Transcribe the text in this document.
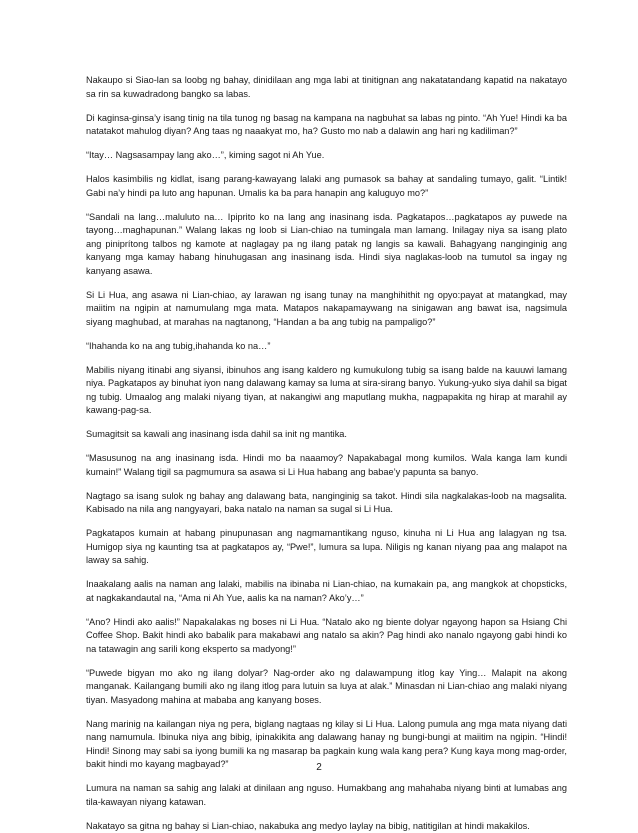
Nakaupo si Siao-lan sa loobg ng bahay, dinidilaan ang mga labi at tinitignan ang nakatatandang kapatid na nakatayo sa rin sa kuwadradong bangko sa labas.

Di kaginsa-ginsa’y isang tinig na tila tunog ng basag na kampana na nagbuhat sa labas ng pinto. “Ah Yue! Hindi ka ba natatakot mahulog diyan? Ang taas ng naaakyat mo, ha? Gusto mo nab a dalawin ang hari ng kadiliman?”

“Itay… Nagsasampay lang ako…”, kiming sagot ni Ah Yue.

Halos kasimbilis ng kidlat, isang parang-kawayang lalaki ang pumasok sa bahay at sandaling tumayo, galit. “Lintik! Gabi na’y hindi pa luto ang hapunan. Umalis ka ba para hanapin ang kaluguyo mo?”

“Sandali na lang…maluluto na… Ipiprito ko na lang ang inasinang isda. Pagkatapos…pagkatapos ay puwede na tayong…maghapunan.” Walang lakas ng loob si Lian-chiao na tumingala man lamang. Inilagay niya sa isang plato ang piniprítong talbos ng kamote at naglagay pa ng ilang patak ng langis sa kawali. Bahagyang nanginginig ang kanyang mga kamay habang hinuhugasan ang inasinang isda. Hindi siya naglakas-loob na tumutol sa ingay ng kanyang asawa.

Si Li Hua, ang asawa ni Lian-chiao, ay larawan ng isang tunay na manghihithit ng opyo:payat at matangkad, may maiitim na ngipin at namumulang mga mata. Matapos nakapamaywang na sinigawan ang bawat isa, nagsimula siyang maghubad, at marahas na nagtanong, “Handan a ba ang tubig na pampaligo?”

“Ihahanda ko na ang tubig,ihahanda ko na…”

Mabilis niyang itinabi ang siyansi, ibinuhos ang isang kaldero ng kumukulong tubig sa isang balde na kauuwi lamang niya. Pagkatapos ay binuhat iyon nang dalawang kamay sa luma at sira-sirang banyo. Yukung-yuko siya dahil sa bigat ng tubig. Umaalog ang malaki niyang tiyan, at nakangiwi ang maputlang mukha, nagpapakita ng hirap at marahil ay kawang-pag-sa.

Sumagitsit sa kawali ang inasinang isda dahil sa init ng mantika.

“Masusunog na ang inasinang isda. Hindi mo ba naaamoy? Napakabagal mong kumilos. Wala kanga lam kundi kumain!” Walang tigil sa pagmumura sa asawa si Li Hua habang ang babae’y papunta sa banyo.

Nagtago sa isang sulok ng bahay ang dalawang bata, nanginginig sa takot. Hindi sila nagkalakas-loob na magsalita. Kabisado na nila ang nangyayari, baka natalo na naman sa sugal si Li Hua.

Pagkatapos kumain at habang pinupunasan ang nagmamantikang nguso, kinuha ni Li Hua ang lalagyan ng tsa. Humigop siya ng kaunting tsa at pagkatapos ay, “Pwe!”, lumura sa lupa. Niligis ng kanan niyang paa ang malapot na laway sa sahig.

Inaakalang aalis na naman ang lalaki, mabilis na ibinaba ni Lian-chiao, na kumakain pa, ang mangkok at chopsticks, at nagkakandautal na, “Ama ni Ah Yue, aalis ka na naman? Ako’y…”

“Ano? Hindi ako aalis!” Napakalakas ng boses ni Li Hua. “Natalo ako ng biente dolyar ngayong hapon sa Hsiang Chi Coffee Shop. Bakit hindi ako babalik para makabawi ang natalo sa akin? Pag hindi ako nanalo ngayong gabi hindi ko na tatawagin ang sarili kong eksperto sa madyong!”

“Puwede bigyan mo ako ng ilang dolyar? Nag-order ako ng dalawampung itlog kay Ying… Malapit na akong manganak. Kailangang bumili ako ng ilang itlog para lutuin sa luya at alak.” Minasdan ni Lian-chiao ang malaki niyang tiyan. Masyadong mahina at mababa ang kanyang boses.

Nang marinig na kailangan niya ng pera, biglang nagtaas ng kilay si Li Hua. Lalong pumula ang mga mata niyang dati nang namumula. Ibinuka niya ang bibig, ipinakikita ang dalawang hanay ng bungi-bungi at maiitim na ngipin. “Hindi! Hindi! Sinong may sabi sa iyong bumili ka ng masarap ba pagkain kung wala kang pera? Kung kaya mong mag-order, bakit hindi mo kayang magbayad?”

Lumura na naman sa sahig ang lalaki at dinilaan ang nguso. Humakbang ang mahahaba niyang binti at lumabas ang tila-kawayan niyang katawan.

Nakatayo sa gitna ng bahay si Lian-chiao, nakabuka ang medyo laylay na bibig, natitigilan at hindi makakilos.

2
